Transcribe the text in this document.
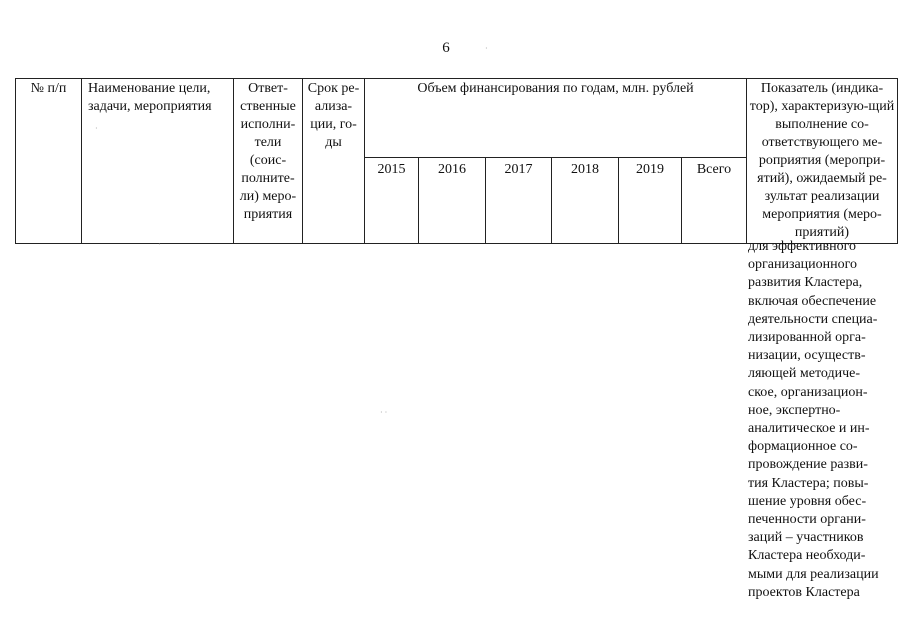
6
№ п/п	Наименование цели, задачи, мероприятия	Ответ-ственные исполни-тели (соис-полните-ли) меро-приятия	Срок ре-ализа-ции, го-ды	Объем финансирования по годам, млн. рублей						Показатель (индика-тор), характеризую-щий выполнение со-ответствующего ме-роприятия (меропри-ятий), ожидаемый ре-зультат реализации мероприятия (меро-приятий)
				2015	2016	2017	2018	2019	Всего	
для эффективного
организационного
развития Кластера,
включая обеспечение
деятельности специа-
лизированной орга-
низации, осуществ-
ляющей методиче-
ское, организацион-
ное, экспертно-
аналитическое и ин-
формационное со-
провождение разви-
тия Кластера; повы-
шение уровня обес-
печенности органи-
заций – участников
Кластера необходи-
мыми для реализации
проектов Кластера
·
·
· ·
·
